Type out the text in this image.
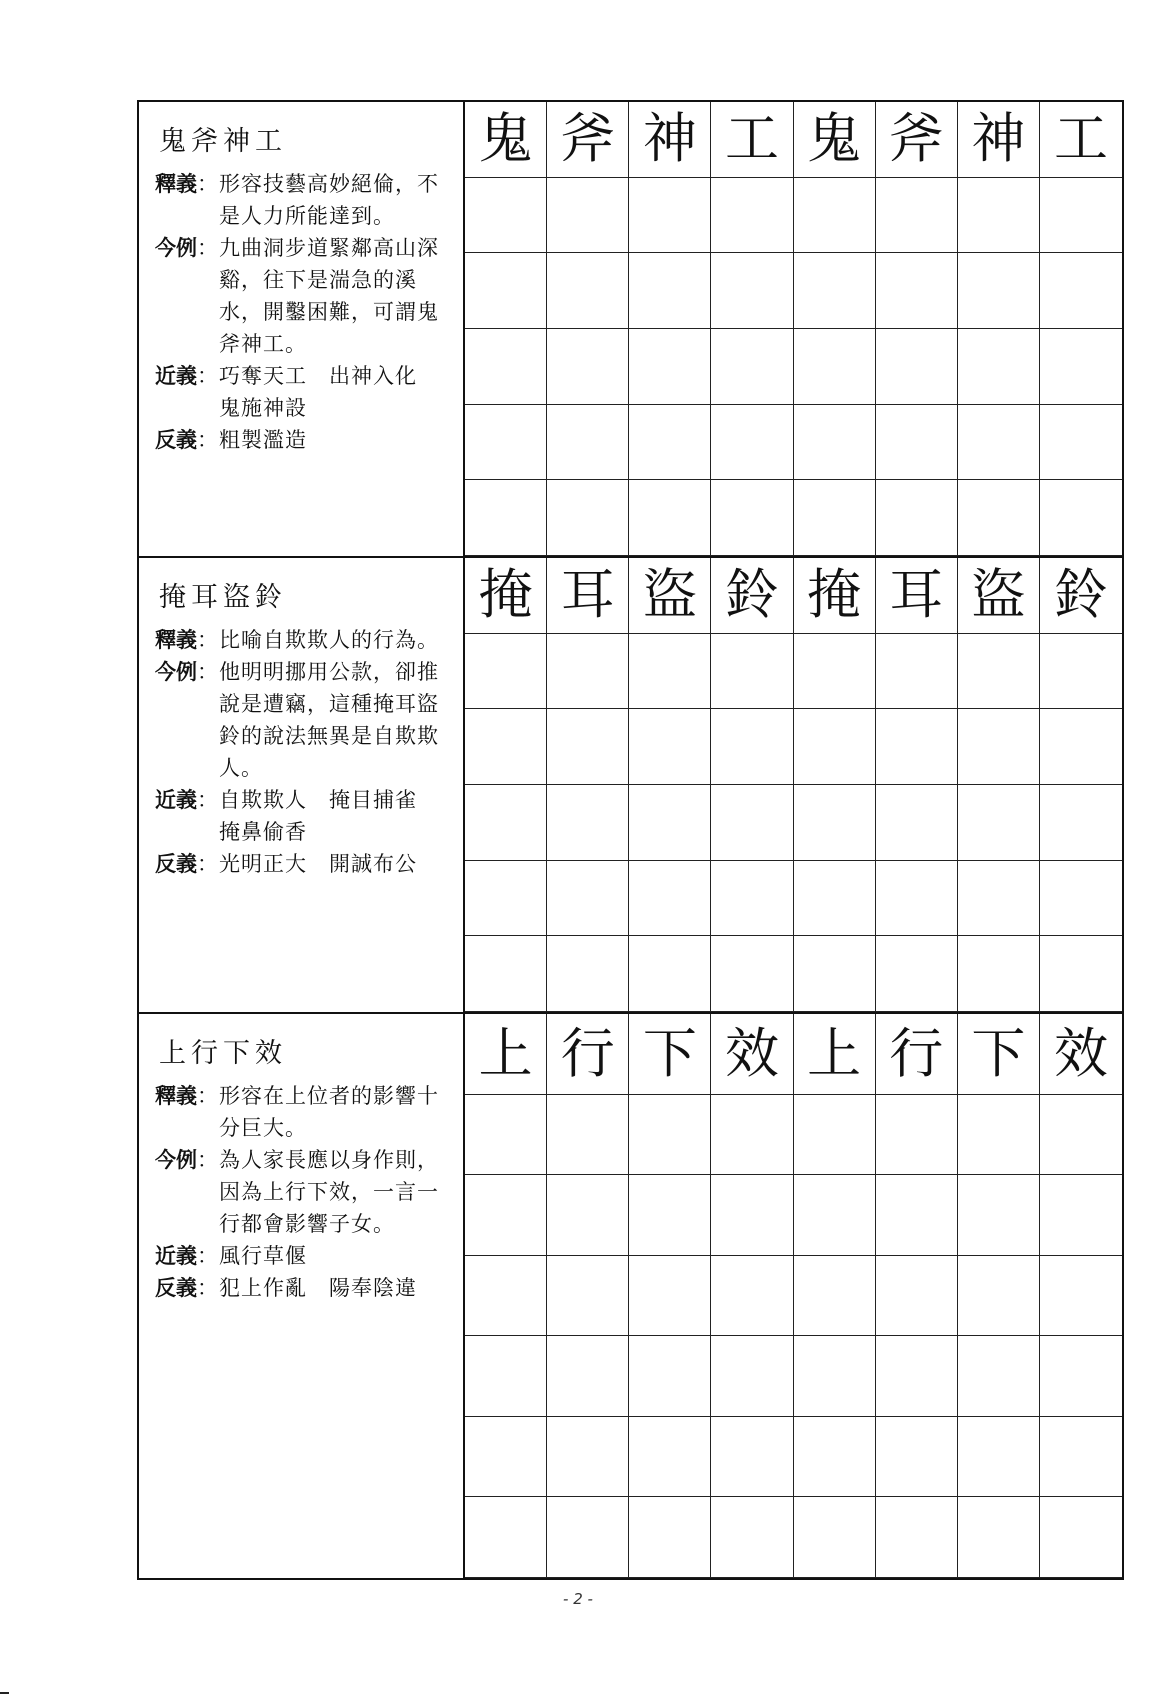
鬼斧神工
釋義： 形容技藝高妙絕倫，不是人力所能達到。
今例： 九曲洞步道緊鄰高山深谿，往下是湍急的溪水，開鑿困難，可謂鬼斧神工。
近義： 巧奪天工　出神入化　鬼施神設
反義： 粗製濫造
鬼 斧 神 工 鬼 斧 神 工
掩耳盜鈴
釋義： 比喻自欺欺人的行為。
今例： 他明明挪用公款，卻推說是遭竊，這種掩耳盜鈴的說法無異是自欺欺人。
近義： 自欺欺人　掩目捕雀　掩鼻偷香
反義： 光明正大　開誠布公
掩 耳 盜 鈴 掩 耳 盜 鈴
上行下效
釋義： 形容在上位者的影響十分巨大。
今例： 為人家長應以身作則，因為上行下效，一言一行都會影響子女。
近義： 風行草偃
反義： 犯上作亂　陽奉陰違
上 行 下 效 上 行 下 效
- 2 -
